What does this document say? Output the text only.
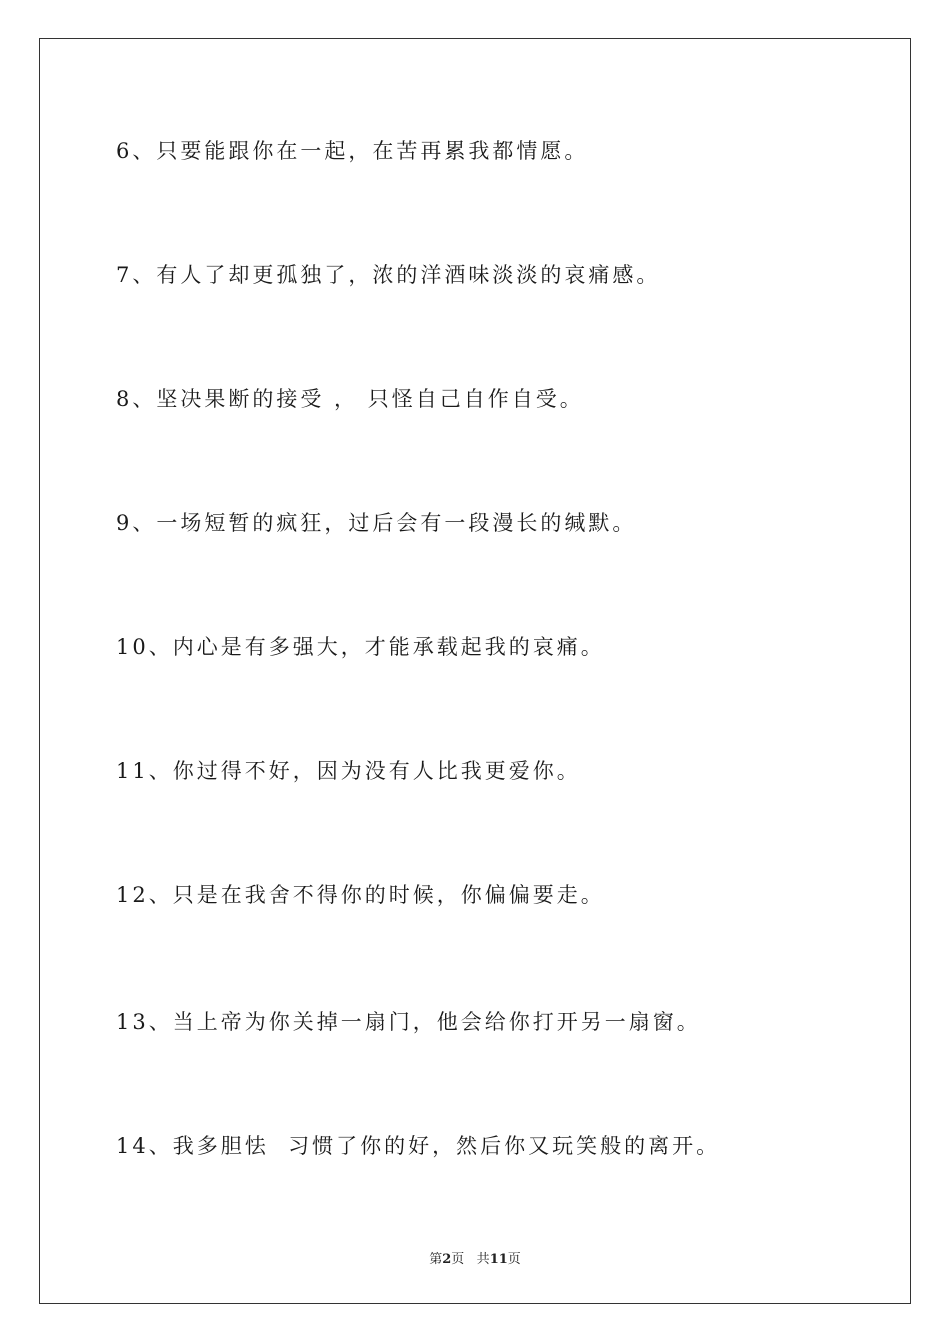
6、只要能跟你在一起，在苦再累我都情愿。
7、有人了却更孤独了，浓的洋酒味淡淡的哀痛感。
8、坚决果断的接受 ， 只怪自己自作自受。
9、一场短暂的疯狂，过后会有一段漫长的缄默。
10、内心是有多强大，才能承载起我的哀痛。
11、你过得不好，因为没有人比我更爱你。
12、只是在我舍不得你的时候，你偏偏要走。
13、当上帝为你关掉一扇门，他会给你打开另一扇窗。
14、我多胆怯  习惯了你的好，然后你又玩笑般的离开。
第2页 共11页
